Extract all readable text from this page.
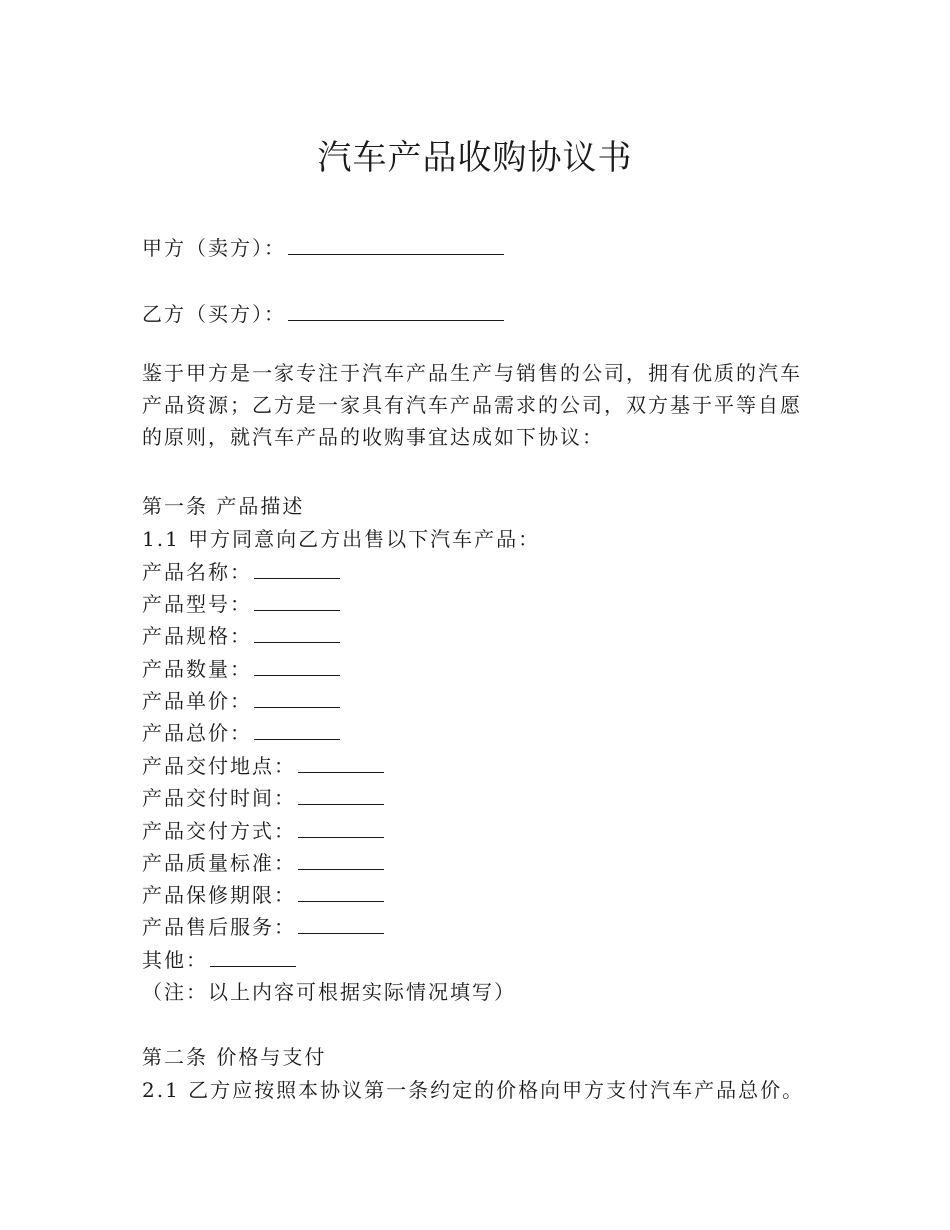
汽车产品收购协议书
甲方（卖方）：
乙方（买方）：
鉴于甲方是一家专注于汽车产品生产与销售的公司，拥有优质的汽车产品资源；乙方是一家具有汽车产品需求的公司，双方基于平等自愿的原则，就汽车产品的收购事宜达成如下协议：
第一条 产品描述
1.1 甲方同意向乙方出售以下汽车产品：
产品名称：
产品型号：
产品规格：
产品数量：
产品单价：
产品总价：
产品交付地点：
产品交付时间：
产品交付方式：
产品质量标准：
产品保修期限：
产品售后服务：
其他：
（注：以上内容可根据实际情况填写）
第二条 价格与支付
2.1 乙方应按照本协议第一条约定的价格向甲方支付汽车产品总价。
